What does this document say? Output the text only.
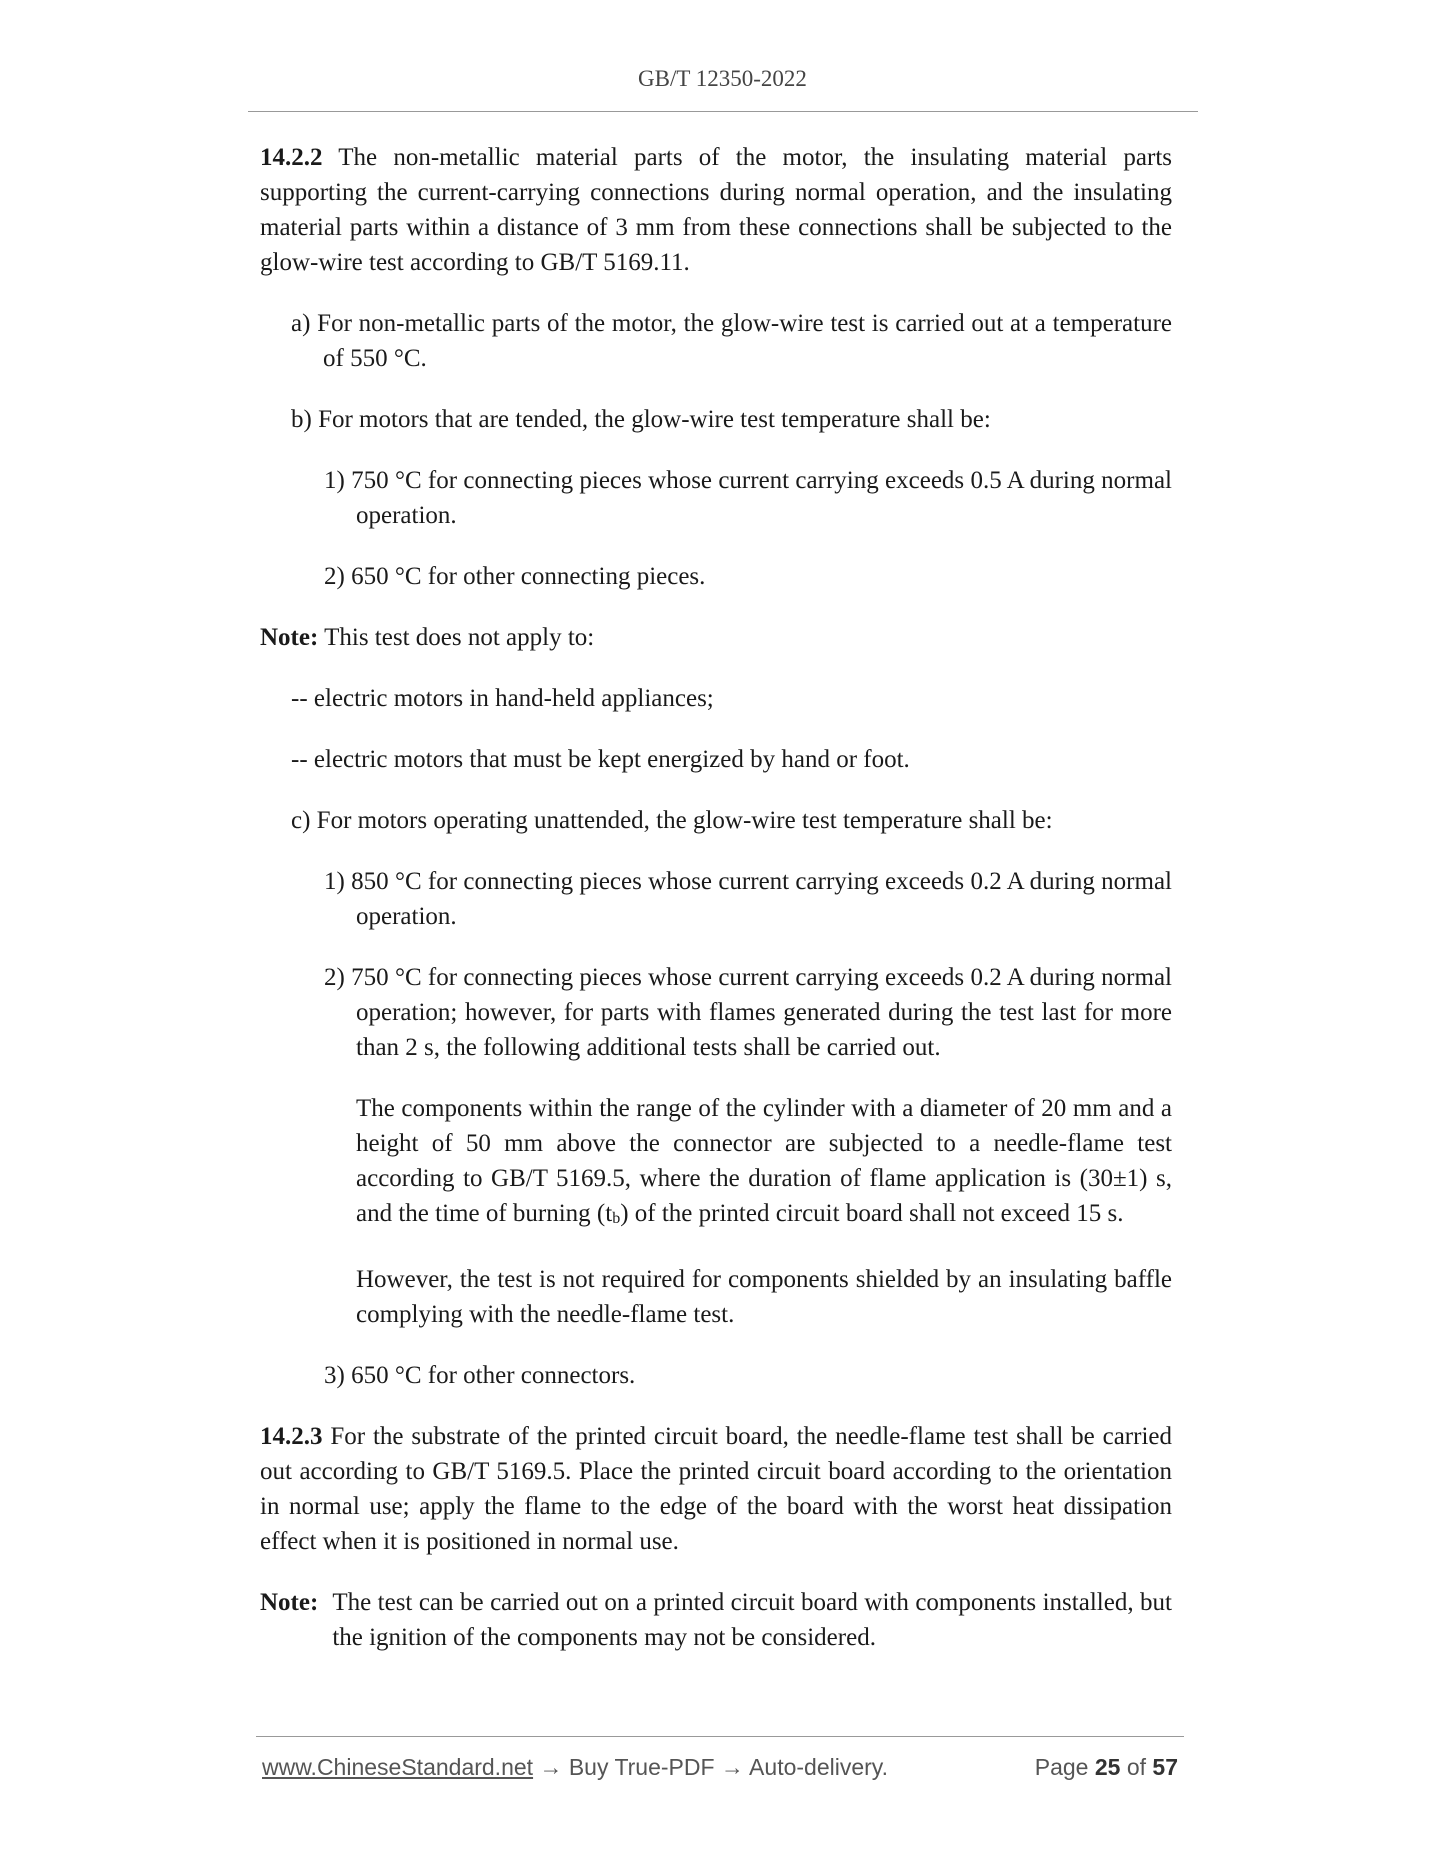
GB/T 12350-2022

14.2.2 The non-metallic material parts of the motor, the insulating material parts supporting the current-carrying connections during normal operation, and the insulating material parts within a distance of 3 mm from these connections shall be subjected to the glow-wire test according to GB/T 5169.11.

a) For non-metallic parts of the motor, the glow-wire test is carried out at a temperature of 550 °C.

b) For motors that are tended, the glow-wire test temperature shall be:

1) 750 °C for connecting pieces whose current carrying exceeds 0.5 A during normal operation.

2) 650 °C for other connecting pieces.

Note: This test does not apply to:

-- electric motors in hand-held appliances;

-- electric motors that must be kept energized by hand or foot.

c) For motors operating unattended, the glow-wire test temperature shall be:

1) 850 °C for connecting pieces whose current carrying exceeds 0.2 A during normal operation.

2) 750 °C for connecting pieces whose current carrying exceeds 0.2 A during normal operation; however, for parts with flames generated during the test last for more than 2 s, the following additional tests shall be carried out.

The components within the range of the cylinder with a diameter of 20 mm and a height of 50 mm above the connector are subjected to a needle-flame test according to GB/T 5169.5, where the duration of flame application is (30±1) s, and the time of burning (tb) of the printed circuit board shall not exceed 15 s.

However, the test is not required for components shielded by an insulating baffle complying with the needle-flame test.

3) 650 °C for other connectors.

14.2.3 For the substrate of the printed circuit board, the needle-flame test shall be carried out according to GB/T 5169.5. Place the printed circuit board according to the orientation in normal use; apply the flame to the edge of the board with the worst heat dissipation effect when it is positioned in normal use.

Note: The test can be carried out on a printed circuit board with components installed, but the ignition of the components may not be considered.
www.ChineseStandard.net → Buy True-PDF → Auto-delivery.	Page 25 of 57
